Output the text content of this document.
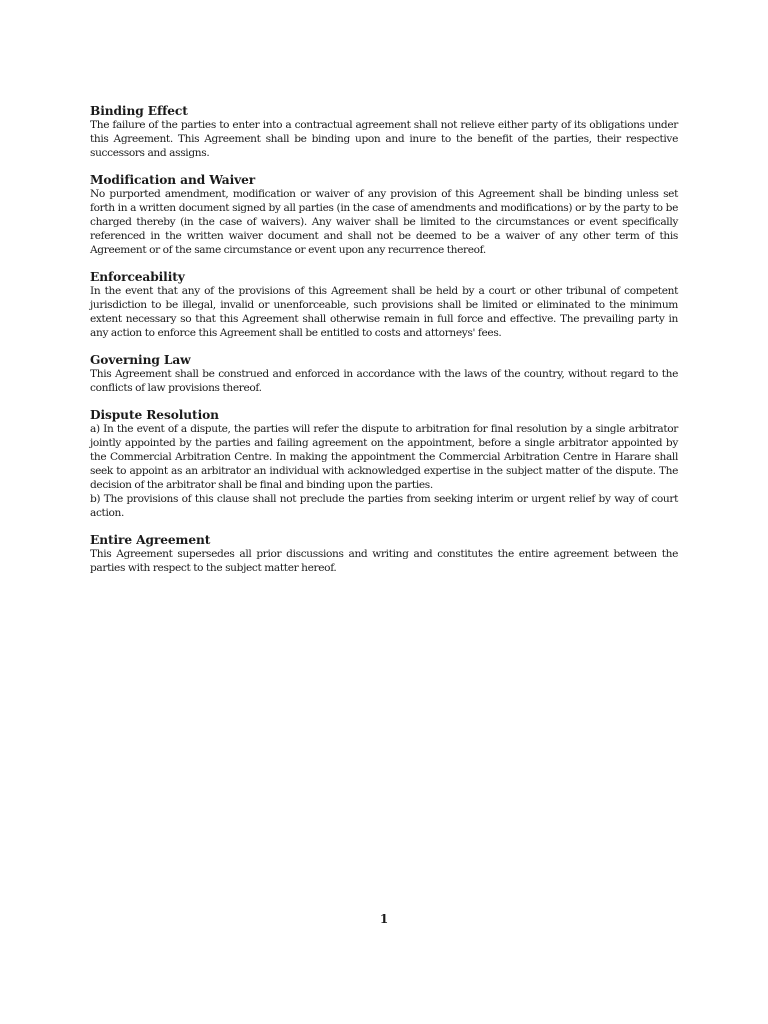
Binding Effect

The failure of the parties to enter into a contractual agreement shall not relieve either party of its obligations under this Agreement. This Agreement shall be binding upon and inure to the benefit of the parties, their respective successors and assigns.

Modification and Waiver

No purported amendment, modification or waiver of any provision of this Agreement shall be binding unless set forth in a written document signed by all parties (in the case of amendments and modifications) or by the party to be charged thereby (in the case of waivers). Any waiver shall be limited to the circumstances or event specifically referenced in the written waiver document and shall not be deemed to be a waiver of any other term of this Agreement or of the same circumstance or event upon any recurrence thereof.

Enforceability

In the event that any of the provisions of this Agreement shall be held by a court or other tribunal of competent jurisdiction to be illegal, invalid or unenforceable, such provisions shall be limited or eliminated to the minimum extent necessary so that this Agreement shall otherwise remain in full force and effective. The prevailing party in any action to enforce this Agreement shall be entitled to costs and attorneys' fees.

Governing Law

This Agreement shall be construed and enforced in accordance with the laws of the country, without regard to the conflicts of law provisions thereof.

Dispute Resolution

a) In the event of a dispute, the parties will refer the dispute to arbitration for final resolution by a single arbitrator jointly appointed by the parties and failing agreement on the appointment, before a single arbitrator appointed by the Commercial Arbitration Centre. In making the appointment the Commercial Arbitration Centre in Harare shall seek to appoint as an arbitrator an individual with acknowledged expertise in the subject matter of the dispute. The decision of the arbitrator shall be final and binding upon the parties.

b) The provisions of this clause shall not preclude the parties from seeking interim or urgent relief by way of court action.

Entire Agreement

This Agreement supersedes all prior discussions and writing and constitutes the entire agreement between the parties with respect to the subject matter hereof.

1
